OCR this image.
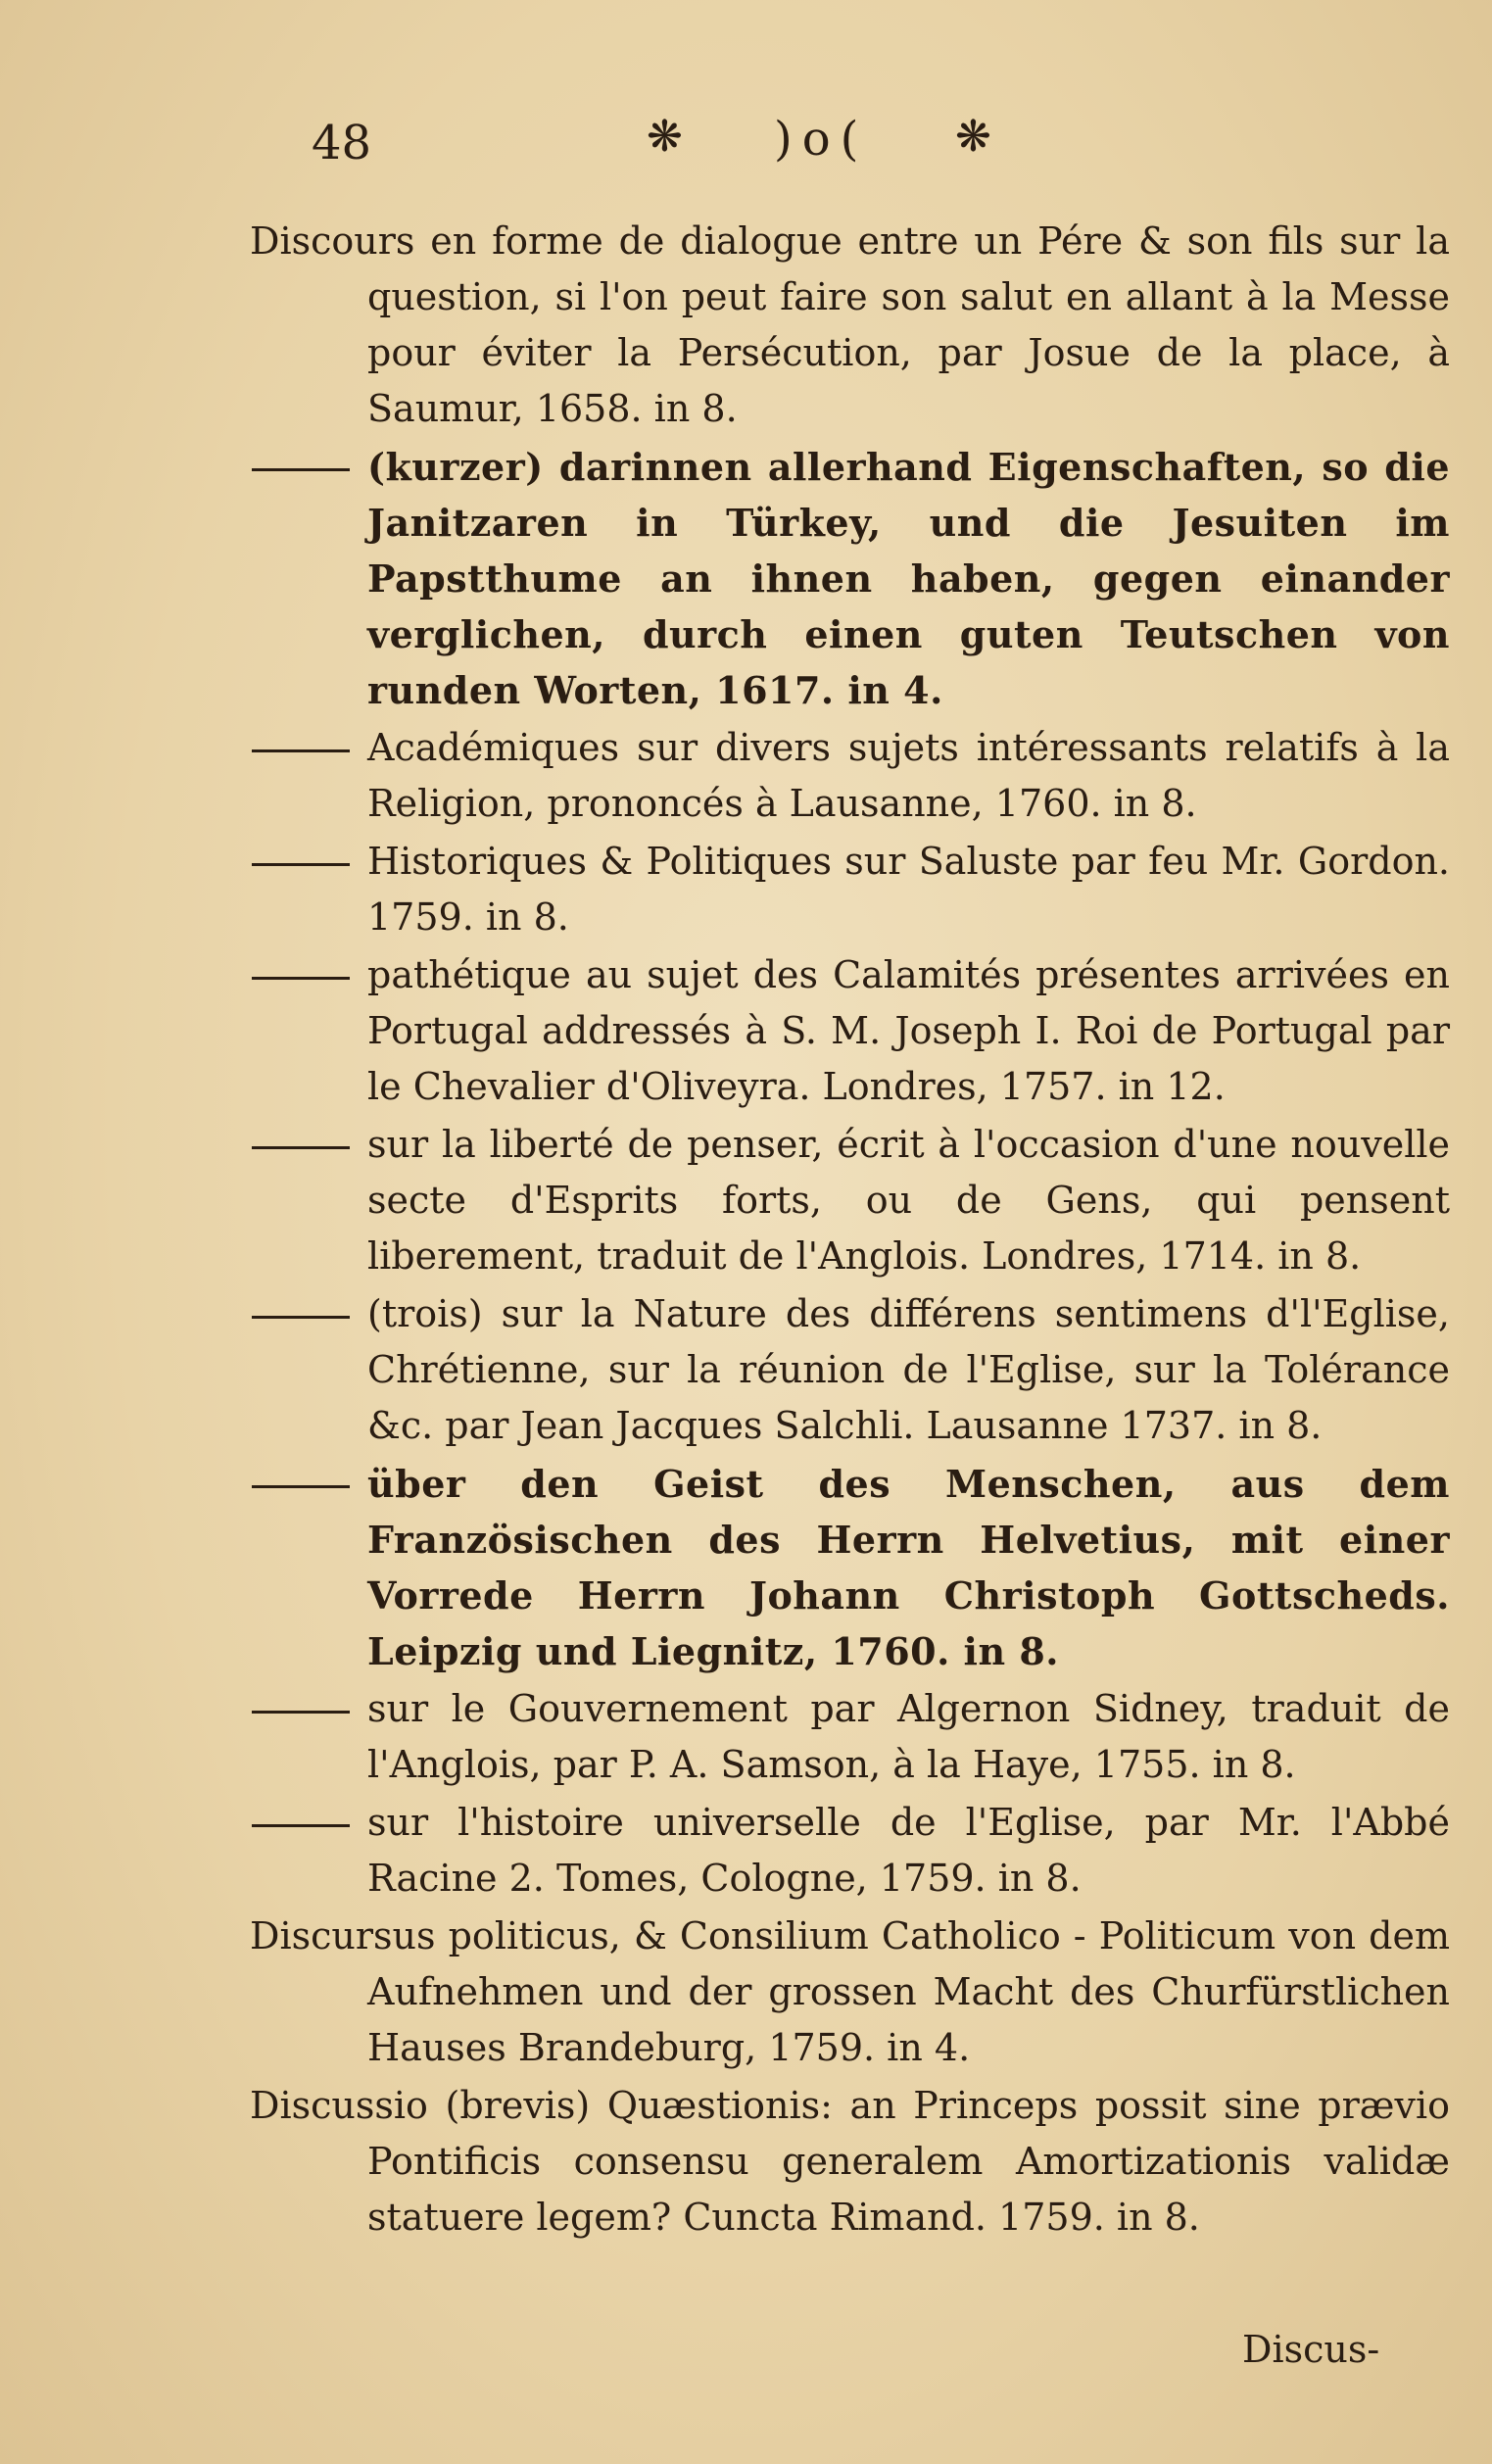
48	❋ )o( ❋
Discours en forme de dialogue entre un Pére & son fils sur la question, si l'on peut faire son salut en allant à la Messe pour éviter la Persécution, par Josue de la place, à Saumur, 1658. in 8.
(kurzer) darinnen allerhand Eigenschaften, so die Janitzaren in Türkey, und die Jesuiten im Papstthume an ihnen haben, gegen einander verglichen, durch einen guten Teutschen von runden Worten, 1617. in 4.
Académiques sur divers sujets intéressants relatifs à la Religion, prononcés à Lausanne, 1760. in 8.
Historiques & Politiques sur Saluste par feu Mr. Gordon. 1759. in 8.
pathétique au sujet des Calamités présentes arrivées en Portugal addressés à S. M. Joseph I. Roi de Portugal par le Chevalier d'Oliveyra. Londres, 1757. in 12.
sur la liberté de penser, écrit à l'occasion d'une nouvelle secte d'Esprits forts, ou de Gens, qui pensent liberement, traduit de l'Anglois. Londres, 1714. in 8.
(trois) sur la Nature des différens sentimens d'l'Eglise, Chrétienne, sur la réunion de l'Eglise, sur la Tolérance &c. par Jean Jacques Salchli. Lausanne 1737. in 8.
über den Geist des Menschen, aus dem Französischen des Herrn Helvetius, mit einer Vorrede Herrn Johann Christoph Gottscheds. Leipzig und Liegnitz, 1760. in 8.
sur le Gouvernement par Algernon Sidney, traduit de l'Anglois, par P. A. Samson, à la Haye, 1755. in 8.
sur l'histoire universelle de l'Eglise, par Mr. l'Abbé Racine 2. Tomes, Cologne, 1759. in 8.
Discursus politicus, & Consilium Catholico - Politicum von dem Aufnehmen und der grossen Macht des Churfürstlichen Hauses Brandeburg, 1759. in 4.
Discussio (brevis) Quæstionis: an Princeps possit sine prævio Pontificis consensu generalem Amortizationis validæ statuere legem? Cuncta Rimand. 1759. in 8.
Discus-
